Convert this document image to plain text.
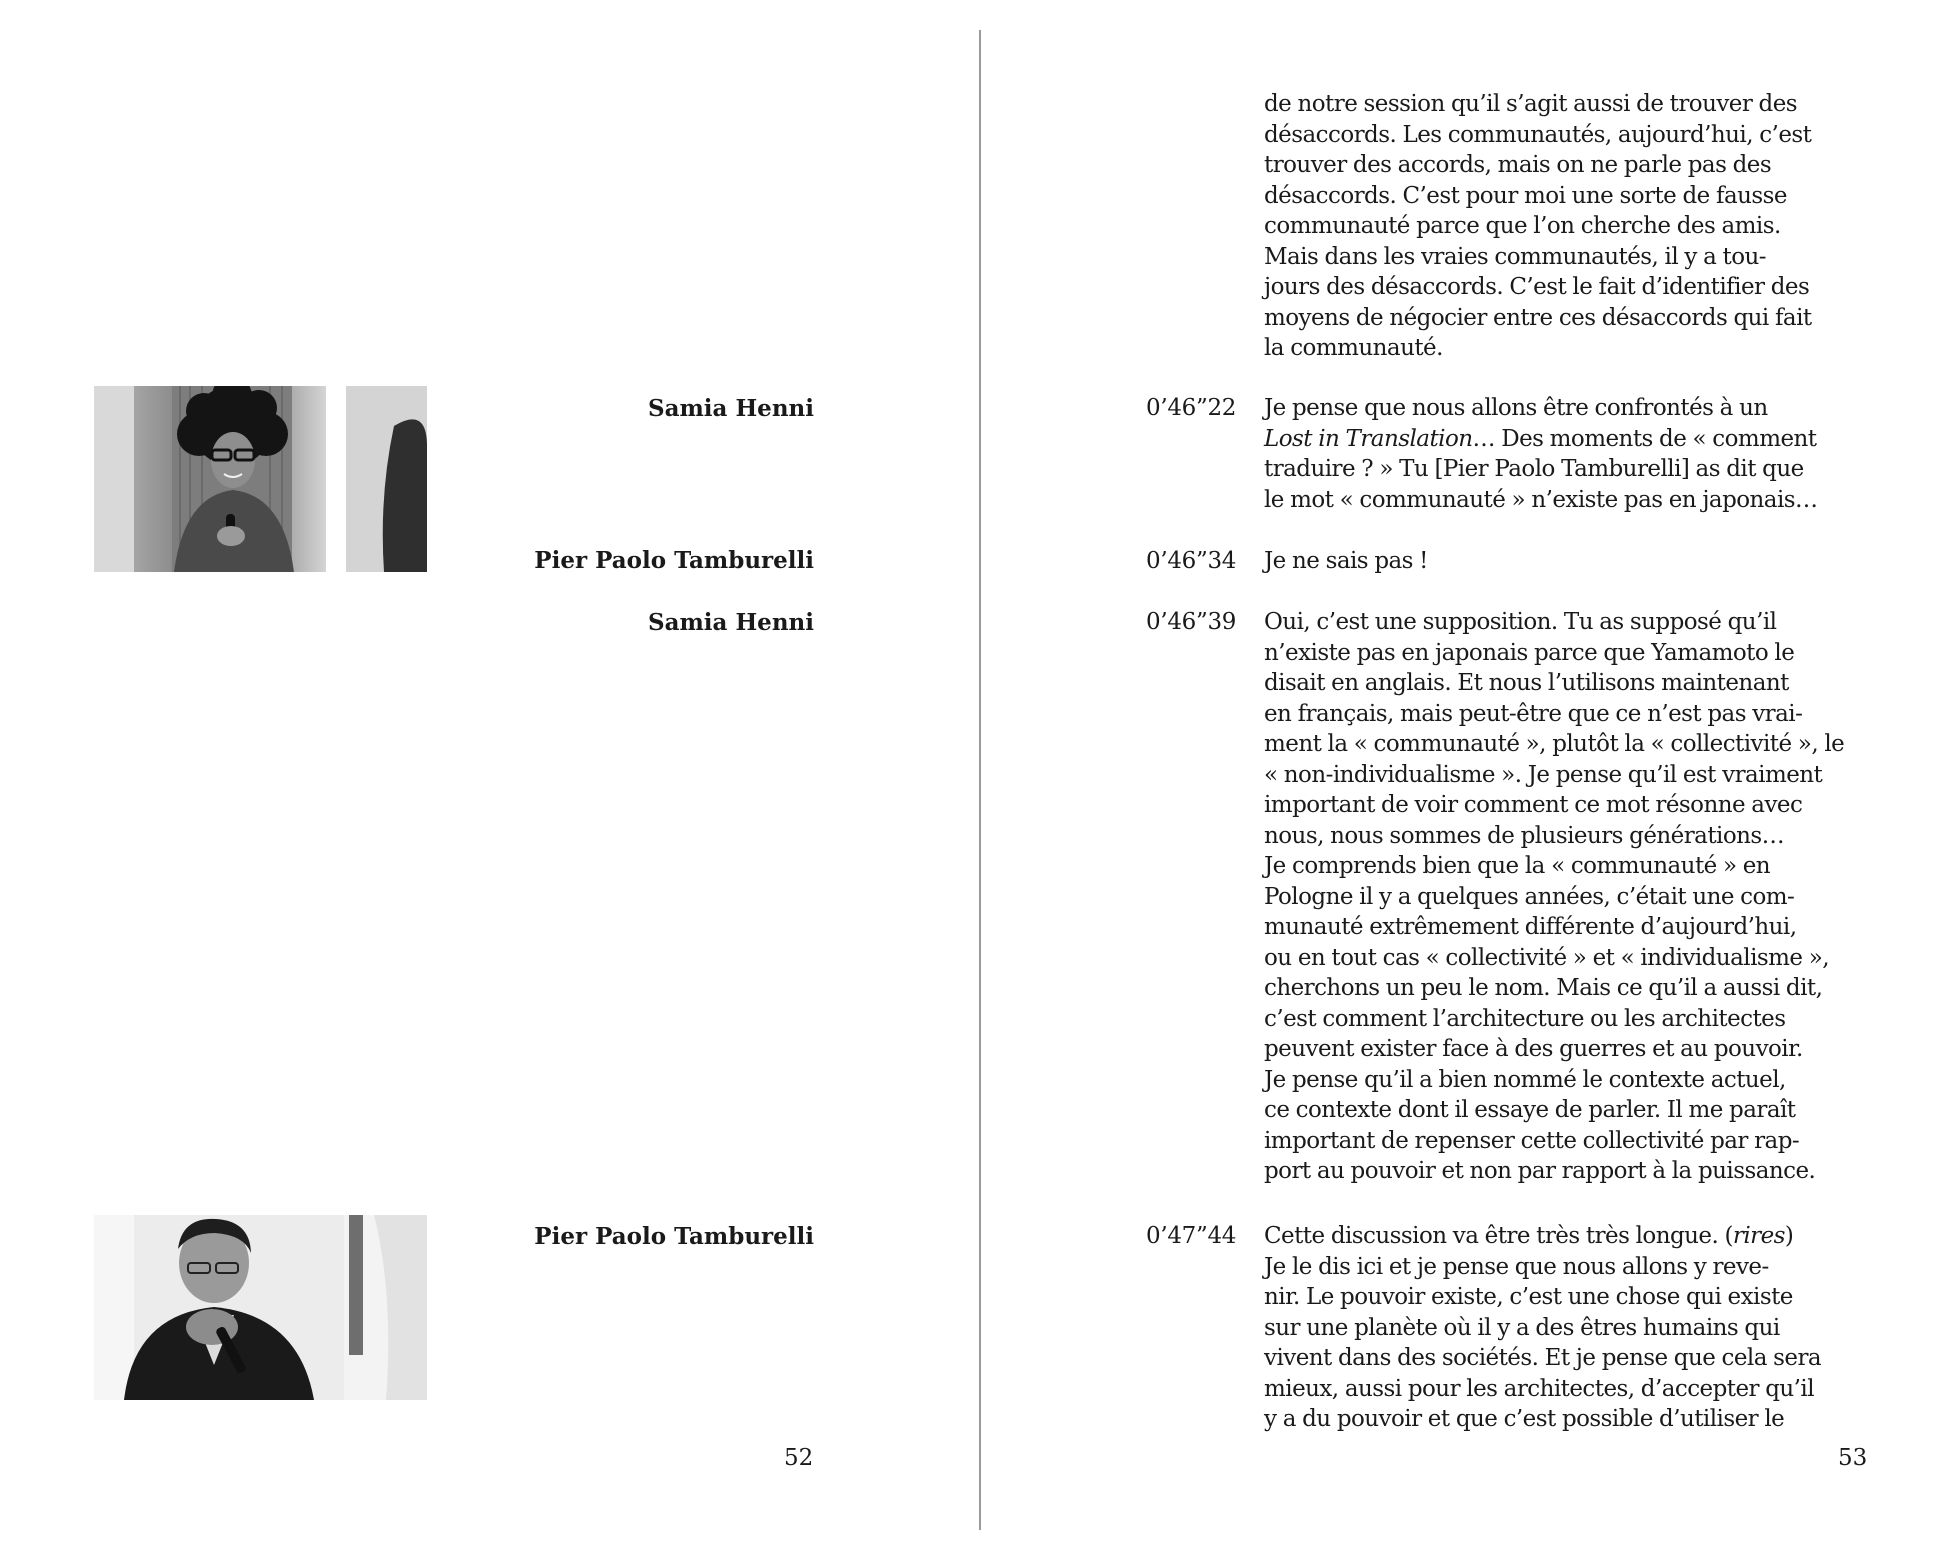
Samia Henni
Pier Paolo Tamburelli
Samia Henni
Pier Paolo Tamburelli
52
de notre session qu’il s’agit aussi de trouver des
désaccords. Les communautés, aujourd’hui, c’est
trouver des accords, mais on ne parle pas des
désaccords. C’est pour moi une sorte de fausse
communauté parce que l’on cherche des amis.
Mais dans les vraies communautés, il y a tou-
jours des désaccords. C’est le fait d’identifier des
moyens de négocier entre ces désaccords qui fait
la communauté.
0’46”22 Je pense que nous allons être confrontés à un
Lost in Translation… Des moments de « comment
traduire ? » Tu [Pier Paolo Tamburelli] as dit que
le mot « communauté » n’existe pas en japonais…
0’46”34 Je ne sais pas !
0’46”39 Oui, c’est une supposition. Tu as supposé qu’il
n’existe pas en japonais parce que Yamamoto le
disait en anglais. Et nous l’utilisons maintenant
en français, mais peut-être que ce n’est pas vrai-
ment la « communauté », plutôt la « collectivité », le
« non-individualisme ». Je pense qu’il est vraiment
important de voir comment ce mot résonne avec
nous, nous sommes de plusieurs générations…
Je comprends bien que la « communauté » en
Pologne il y a quelques années, c’était une com-
munauté extrêmement différente d’aujourd’hui,
ou en tout cas « collectivité » et « individualisme »,
cherchons un peu le nom. Mais ce qu’il a aussi dit,
c’est comment l’architecture ou les architectes
peuvent exister face à des guerres et au pouvoir.
Je pense qu’il a bien nommé le contexte actuel,
ce contexte dont il essaye de parler. Il me paraît
important de repenser cette collectivité par rap-
port au pouvoir et non par rapport à la puissance.
0’47”44 Cette discussion va être très très longue. (rires)
Je le dis ici et je pense que nous allons y reve-
nir. Le pouvoir existe, c’est une chose qui existe
sur une planète où il y a des êtres humains qui
vivent dans des sociétés. Et je pense que cela sera
mieux, aussi pour les architectes, d’accepter qu’il
y a du pouvoir et que c’est possible d’utiliser le
53
